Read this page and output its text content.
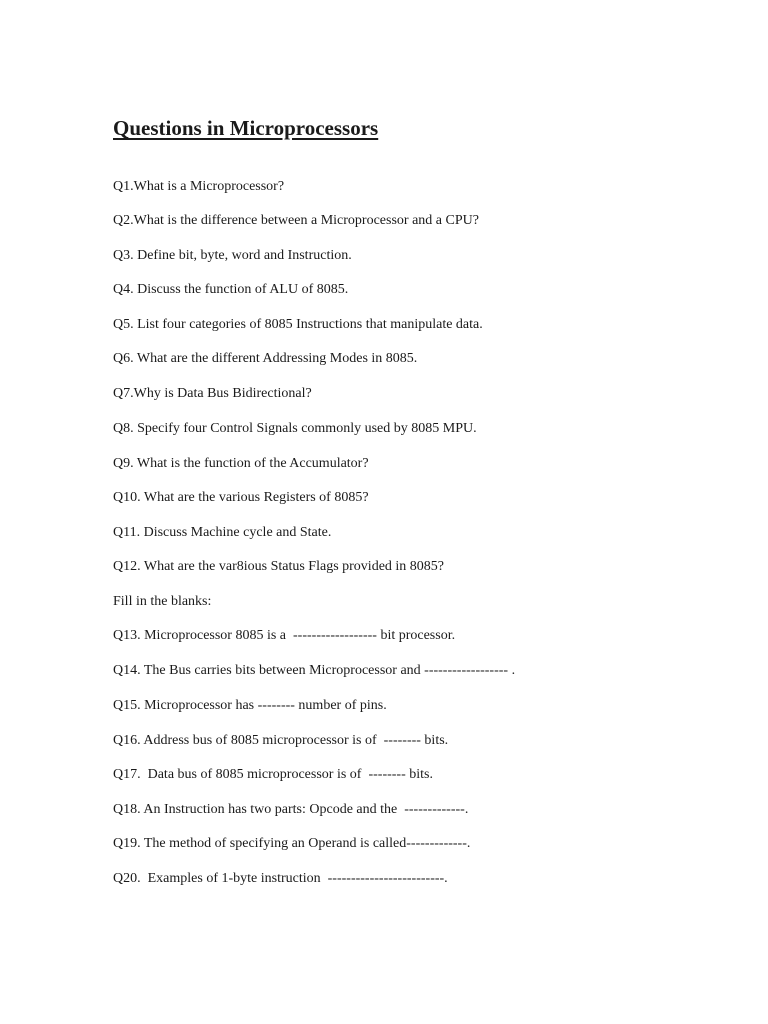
Questions in Microprocessors
Q1.What is a Microprocessor?
Q2.What is the difference between a Microprocessor and a CPU?
Q3. Define bit, byte, word and Instruction.
Q4. Discuss the function of ALU of 8085.
Q5. List four categories of 8085 Instructions that manipulate data.
Q6. What are the different Addressing Modes in 8085.
Q7.Why is Data Bus Bidirectional?
Q8. Specify four Control Signals commonly used by 8085 MPU.
Q9. What is the function of the Accumulator?
Q10. What are the various Registers of 8085?
Q11. Discuss Machine cycle and State.
Q12. What are the var8ious Status Flags provided in 8085?
Fill in the blanks:
Q13. Microprocessor 8085 is a  ------------------ bit processor.
Q14. The Bus carries bits between Microprocessor and ------------------ .
Q15. Microprocessor has -------- number of pins.
Q16. Address bus of 8085 microprocessor is of  -------- bits.
Q17.  Data bus of 8085 microprocessor is of  -------- bits.
Q18. An Instruction has two parts: Opcode and the  -------------.
Q19. The method of specifying an Operand is called-------------.
Q20.  Examples of 1-byte instruction  -------------------------.
